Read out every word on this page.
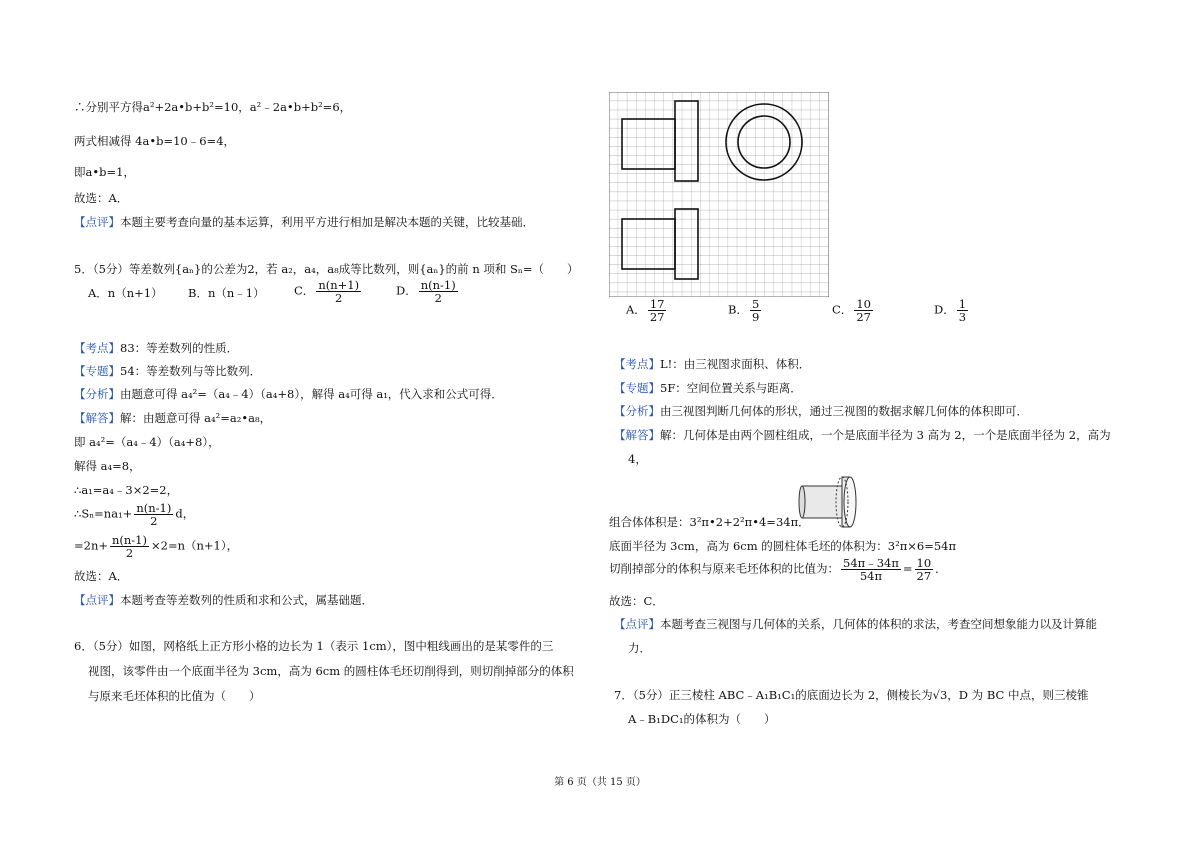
∴分别平方得a²+2a•b+b²=10，a²﹣2a•b+b²=6，
两式相减得 4a•b=10﹣6=4，
即a•b=1，
故选：A．
【点评】本题主要考查向量的基本运算，利用平方进行相加是解决本题的关键，比较基础．
5．（5分）等差数列{aₙ}的公差为2，若 a₂，a₄，a₈成等比数列，则{aₙ}的前 n 项和 Sₙ=（　　）
A．n（n+1） B．n（n﹣1）	C． $\frac{n(n+1)}{2}$	D． $\frac{n(n-1)}{2}$
【考点】83：等差数列的性质．
【专题】54：等差数列与等比数列．
【分析】由题意可得 a₄²=（a₄﹣4）（a₄+8），解得 a₄可得 a₁，代入求和公式可得．
【解答】解：由题意可得 a₄²=a₂•a₈，
即 a₄²=（a₄﹣4）（a₄+8），
解得 a₄=8，
∴a₁=a₄﹣3×2=2，
∴Sₙ=na₁+ $\frac{n(n-1)}{2}$ d，
$=2n+ \frac{n(n-1)}{2} \times 2=n(n+1)$，
故选：A．
【点评】本题考查等差数列的性质和求和公式，属基础题．
6．（5分）如图，网格纸上正方形小格的边长为 1（表示 1cm），图中粗线画出的是某零件的三
视图，该零件由一个底面半径为 3cm，高为 6cm 的圆柱体毛坯切削得到，则切削掉部分的体积
与原来毛坯体积的比值为（　　）
A． $\frac{17}{27}$	B． $\frac{5}{9}$	C． $\frac{10}{27}$	D． $\frac{1}{3}$
【考点】L!：由三视图求面积、体积．
【专题】5F：空间位置关系与距离．
【分析】由三视图判断几何体的形状，通过三视图的数据求解几何体的体积即可．
【解答】解：几何体是由两个圆柱组成，一个是底面半径为 3 高为 2，一个是底面半径为 2，高为
4，
组合体体积是：3²π•2+2²π•4=34π．
底面半径为 3cm，高为 6cm 的圆柱体毛坯的体积为：3²π×6=54π
切削掉部分的体积与原来毛坯体积的比值为： $\frac{54\pi﹣34\pi}{54\pi} = \frac{10}{27}$ ．
故选：C．
【点评】本题考查三视图与几何体的关系，几何体的体积的求法，考查空间想象能力以及计算能
力．
7．（5分）正三棱柱 ABC﹣A₁B₁C₁的底面边长为 2，侧棱长为√3，D 为 BC 中点，则三棱锥
A﹣B₁DC₁的体积为（　　）
第 6 页（共 15 页）
